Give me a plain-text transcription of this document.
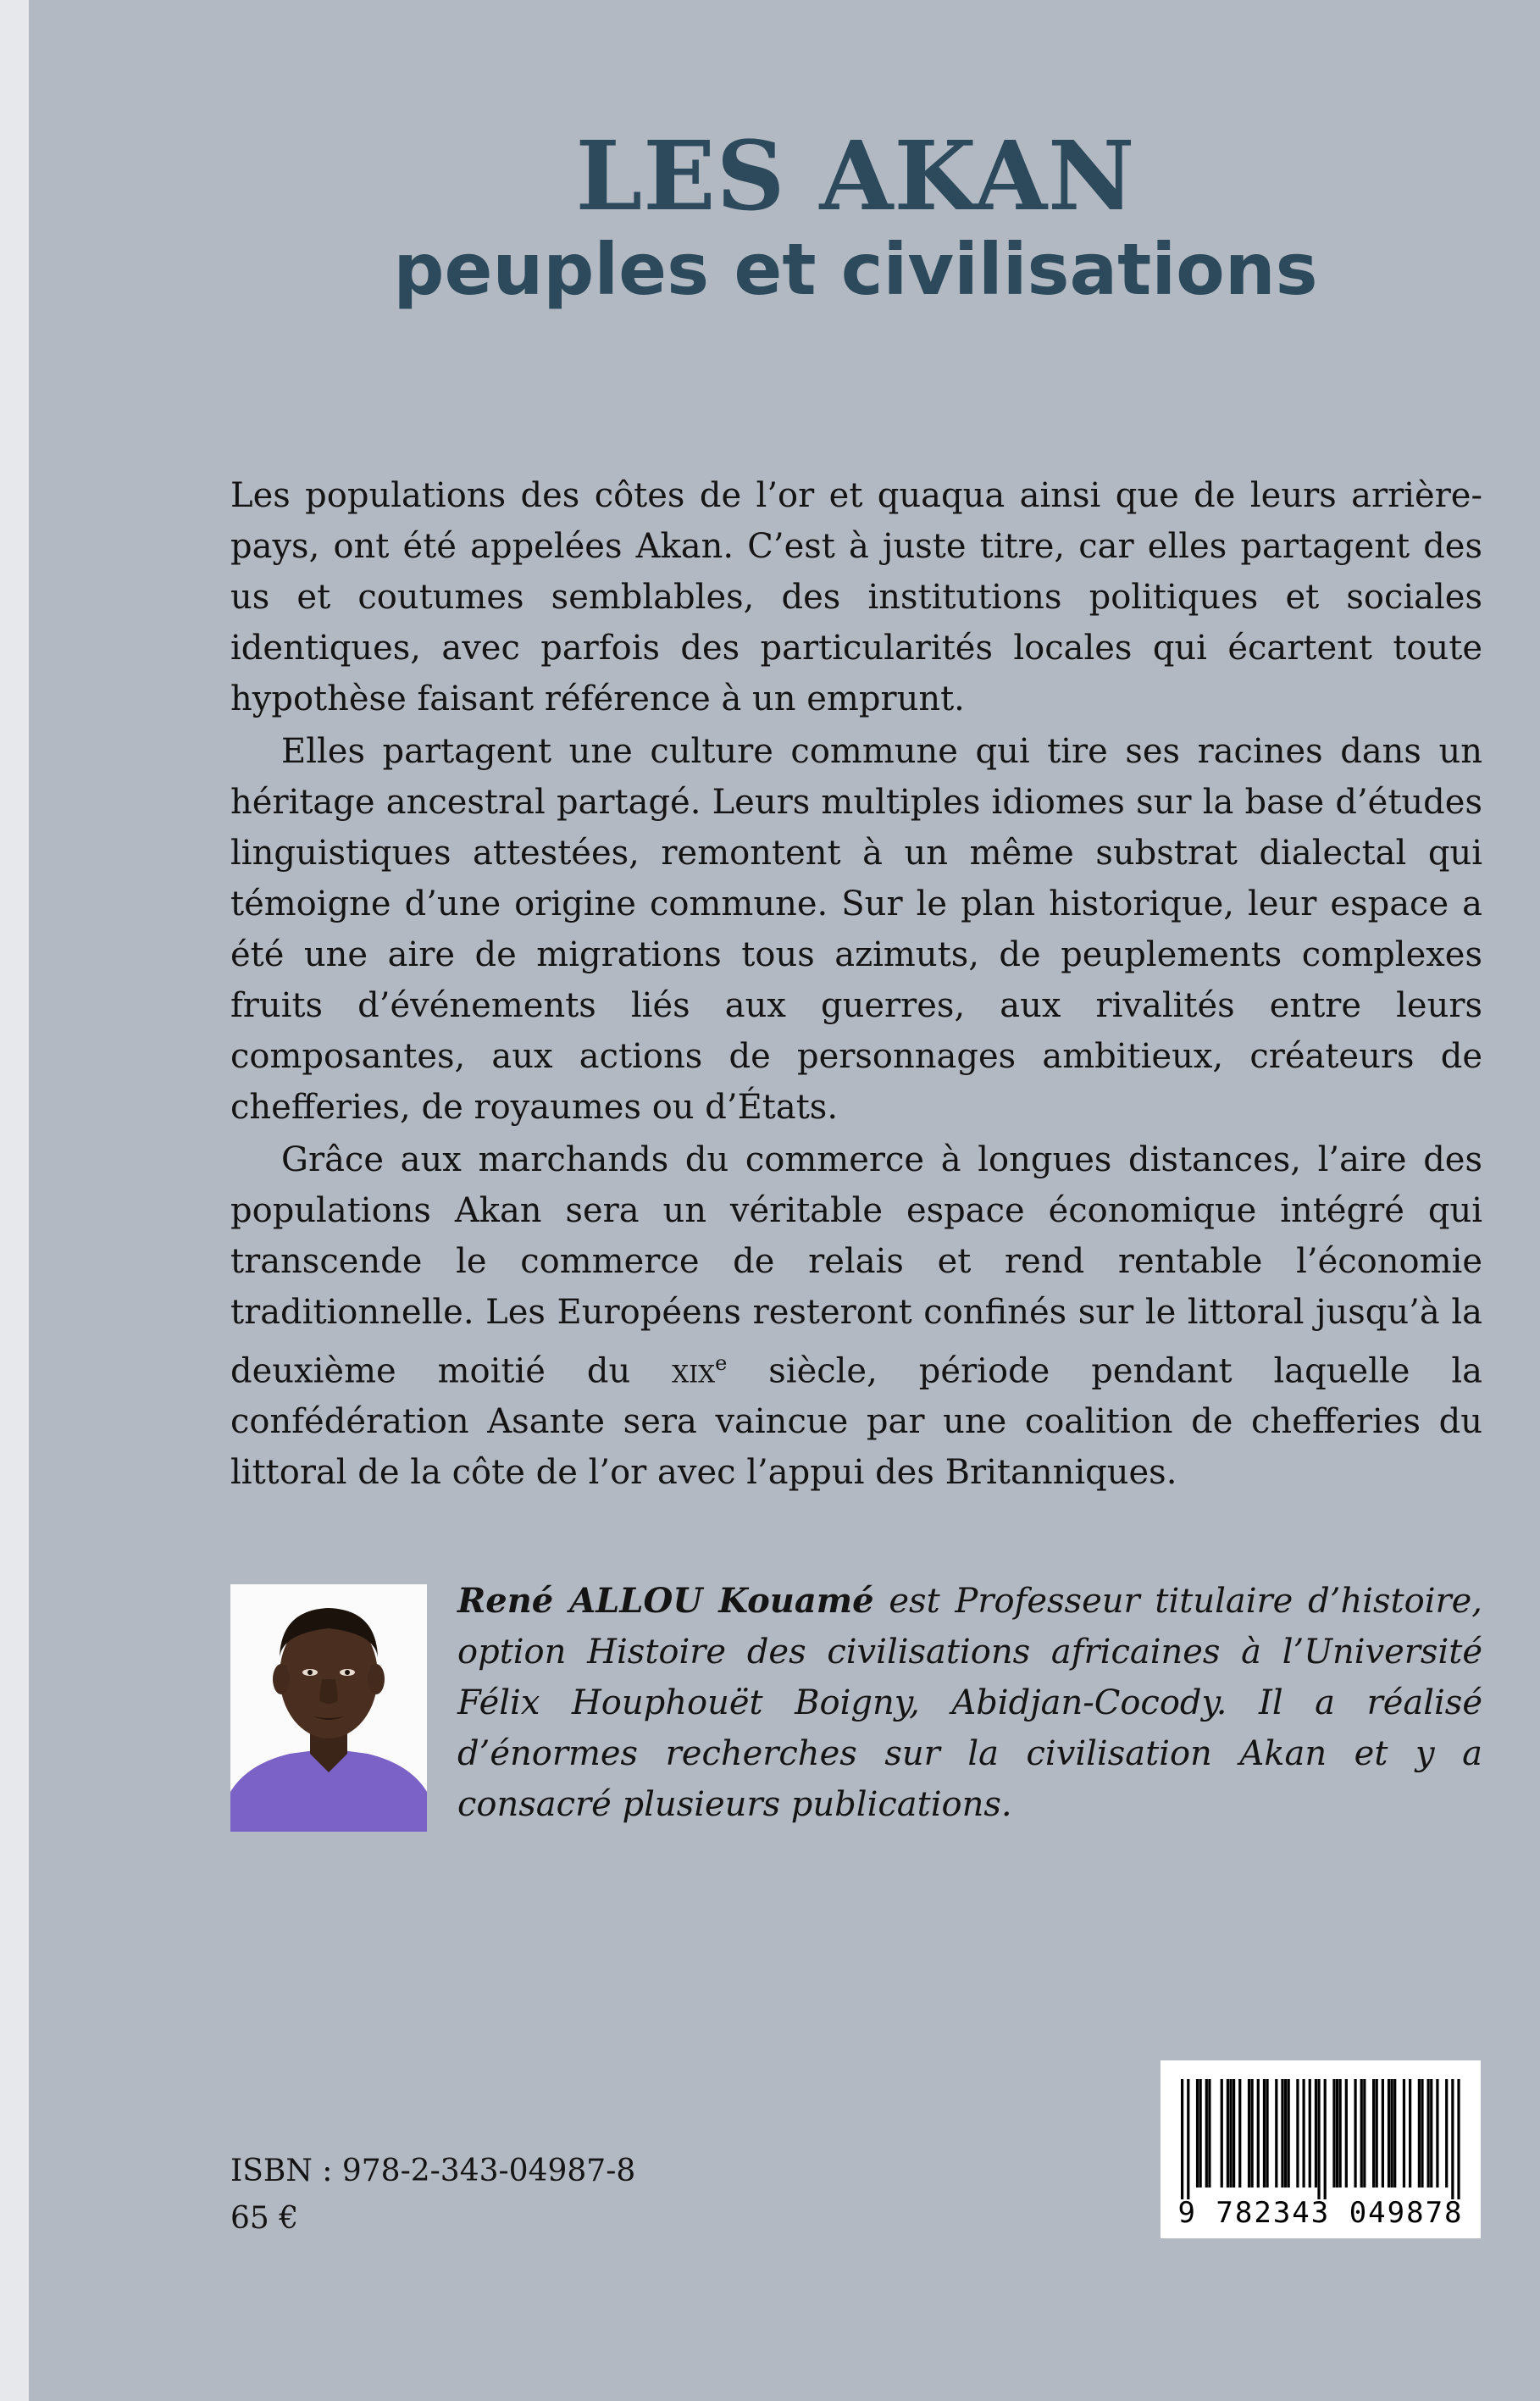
LES AKAN
peuples et civilisations

Les populations des côtes de l’or et quaqua ainsi que de leurs arrière-pays, ont été appelées Akan. C’est à juste titre, car elles partagent des us et coutumes semblables, des institutions politiques et sociales identiques, avec parfois des particularités locales qui écartent toute hypothèse faisant référence à un emprunt.

Elles partagent une culture commune qui tire ses racines dans un héritage ancestral partagé. Leurs multiples idiomes sur la base d’études linguistiques attestées, remontent à un même substrat dialectal qui témoigne d’une origine commune. Sur le plan historique, leur espace a été une aire de migrations tous azimuts, de peuplements complexes fruits d’événements liés aux guerres, aux rivalités entre leurs composantes, aux actions de personnages ambitieux, créateurs de chefferies, de royaumes ou d’États.

Grâce aux marchands du commerce à longues distances, l’aire des populations Akan sera un véritable espace économique intégré qui transcende le commerce de relais et rend rentable l’économie traditionnelle. Les Européens resteront confinés sur le littoral jusqu’à la deuxième moitié du xix$^e$ siècle, période pendant laquelle la confédération Asante sera vaincue par une coalition de chefferies du littoral de la côte de l’or avec l’appui des Britanniques.

René ALLOU Kouamé est Professeur titulaire d’histoire, option Histoire des civilisations africaines à l’Université Félix Houphouët Boigny, Abidjan-Cocody. Il a réalisé d’énormes recherches sur la civilisation Akan et y a consacré plusieurs publications.
ISBN : 978-2-343-04987-8
65 €	9 782343 049878
